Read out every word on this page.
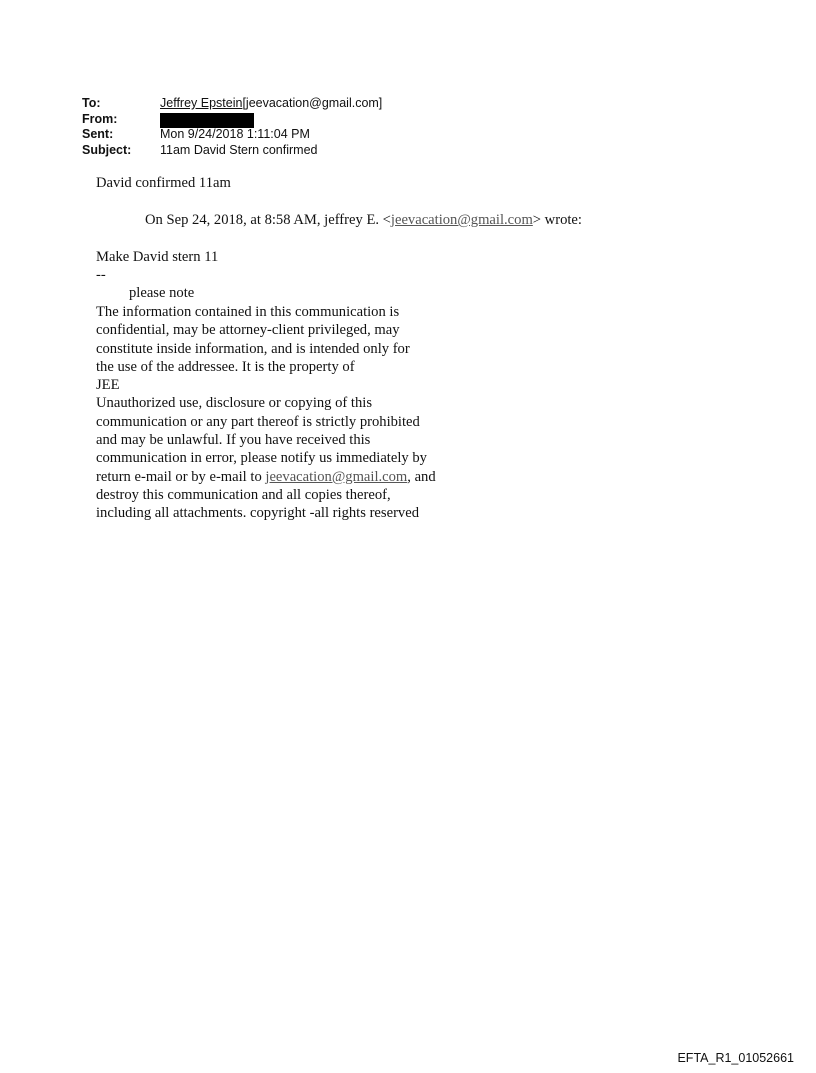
To:	Jeffrey Epstein[jeevacation@gmail.com]
From:
Sent:	Mon 9/24/2018 1:11:04 PM
Subject:	11am David Stern confirmed
David confirmed 11am
On Sep 24, 2018, at 8:58 AM, jeffrey E. <jeevacation@gmail.com> wrote:
Make David stern 11
--
please note
The information contained in this communication is
confidential, may be attorney-client privileged, may
constitute inside information, and is intended only for
the use of the addressee. It is the property of
JEE
Unauthorized use, disclosure or copying of this
communication or any part thereof is strictly prohibited
and may be unlawful. If you have received this
communication in error, please notify us immediately by
return e-mail or by e-mail to jeevacation@gmail.com, and
destroy this communication and all copies thereof,
including all attachments. copyright -all rights reserved
EFTA_R1_01052661
